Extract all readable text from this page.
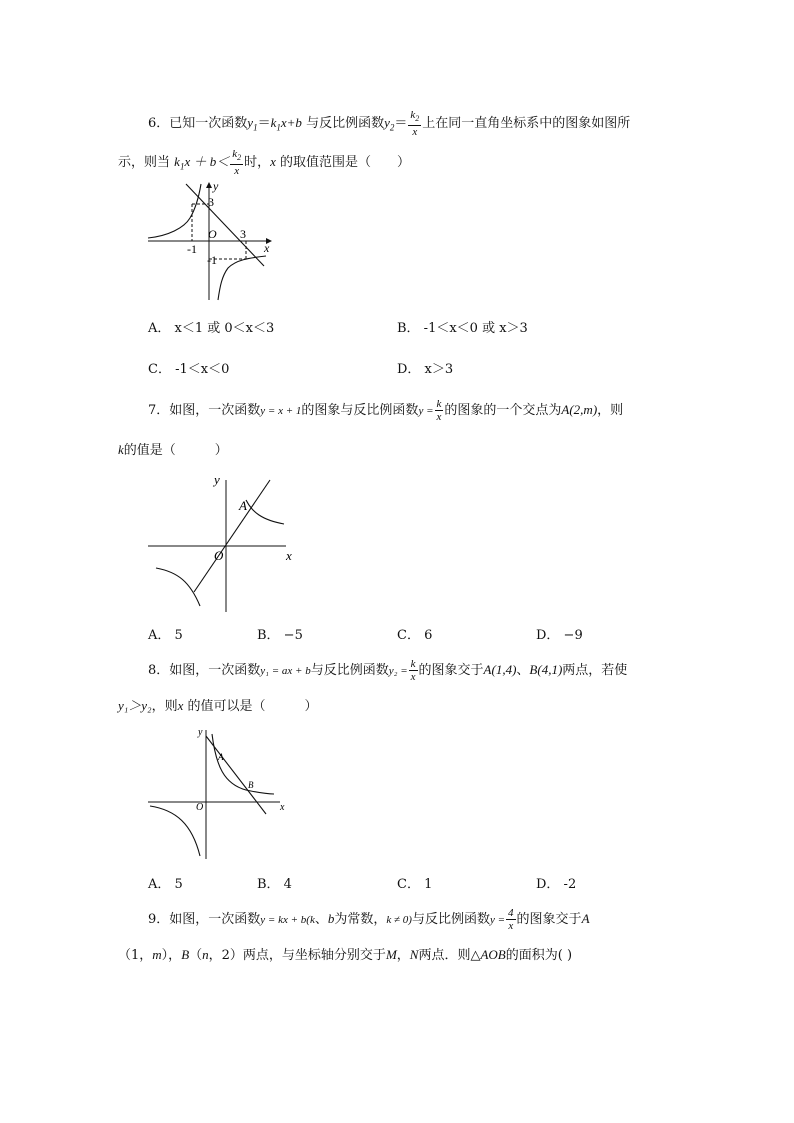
6．已知一次函数$y_1=k_1x+b$ 与反比例函数$y_2= \frac{k_2}{x}$ 上在同一直角坐标系中的图象如图所
示，则当 $k_1x + b< \frac{k_2}{x}$ 时，x 的取值范围是（　　）
y
x
O
3
3
-1
-1
A． x＜1 或 0＜x＜3	B． -1＜x＜0 或 x＞3
C． -1＜x＜0	D． x＞3
7．如图，一次函数y = x + 1的图象与反比例函数$y = \frac{k}{x}$ 的图象的一个交点为A(2,m)，则
k的值是（　　　）
y
x
O
A
A． 5	B． −5	C． 6	D． −9
8．如图，一次函数y₁ = ax + b与反比例函数$y_2 = \frac{k}{x}$ 的图象交于A(1,4)、B(4,1)两点，若使
y₁＞y₂，则x 的值可以是（　　　）
y
x
O
A
B
A． 5	B． 4	C． 1	D． -2
9．如图，一次函数y = kx + b(k、b为常数，k ≠ 0)与反比例函数$y = \frac{4}{x}$ 的图象交于A
（1，m），B（n，2）两点，与坐标轴分别交于M，N两点．则△AOB的面积为( )
